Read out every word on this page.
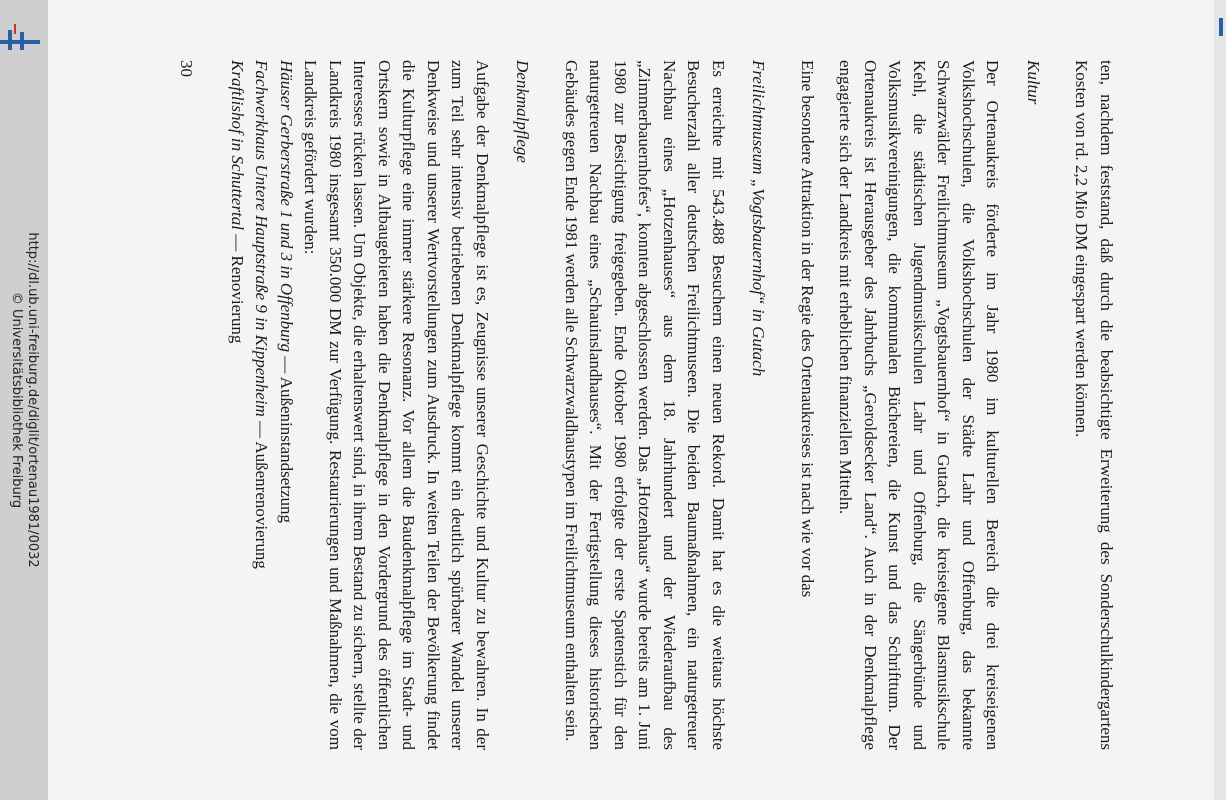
http://dl.ub.uni-freiburg.de/diglit/ortenau1981/0032
© Universitätsbibliothek Freiburg	ten, nachdem feststand, daß durch die beabsichtigte Erweiterung des Sonderschulkindergartens Kosten von rd. 2,2 Mio DM eingespart werden können.

Kultur

Der Ortenaukreis förderte im Jahr 1980 im kulturellen Bereich die drei kreiseigenen Volkshochschulen, die Volkshochschulen der Städte Lahr und Offenburg, das bekannte Schwarzwälder Freilichtmuseum „Vogtsbauernhof“ in Gutach, die kreiseigene Blasmusikschule Kehl, die städtischen Jugendmusikschulen Lahr und Offenburg, die Sängerbünde und Volksmusikvereinigungen, die kommunalen Büchereien, die Kunst und das Schrifttum. Der Ortenaukreis ist Herausgeber des Jahrbuchs „Geroldsecker Land“. Auch in der Denkmalpflege engagierte sich der Landkreis mit erheblichen finanziellen Mitteln.

Eine besondere Attraktion in der Regie des Ortenaukreises ist nach wie vor das

Freilichtmuseum „Vogtsbauernhof“ in Gutach

Es erreichte mit 543.488 Besuchern einen neuen Rekord. Damit hat es die weitaus höchste Besucherzahl aller deutschen Freilichtmuseen. Die beiden Baumaßnahmen, ein naturgetreuer Nachbau eines „Hotzenhauses“ aus dem 18. Jahrhundert und der Wiederaufbau des „Zimmerbauernhofes“, konnten abgeschlossen werden. Das „Hotzenhaus“ wurde bereits am 1. Juni 1980 zur Besichtigung freigegeben. Ende Oktober 1980 erfolgte der erste Spatenstich für den naturgetreuen Nachbau eines „Schauinslandhauses“. Mit der Fertigstellung dieses historischen Gebäudes gegen Ende 1981 werden alle Schwarzwaldhaustypen im Freilichtmuseum enthalten sein.

Denkmalpflege

Aufgabe der Denkmalpflege ist es, Zeugnisse unserer Geschichte und Kultur zu bewahren. In der zum Teil sehr intensiv betriebenen Denkmalpflege kommt ein deutlich spürbarer Wandel unserer Denkweise und unserer Wertvorstellungen zum Ausdruck. In weiten Teilen der Bevölkerung findet die Kulturpflege eine immer stärkere Resonanz. Vor allem die Baudenkmalpflege im Stadt- und Ortskern sowie in Altbaugebieten haben die Denkmalpflege in den Vordergrund des öffentlichen Interesses rücken lassen. Um Objekte, die erhaltenswert sind, in ihrem Bestand zu sichern, stellte der Landkreis 1980 insgesamt 350.000 DM zur Verfügung. Restaurierungen und Maßnahmen, die vom Landkreis gefördert wurden:

Häuser Gerberstraße 1 und 3 in Offenburg — Außeninstandsetzung

Fachwerkhaus Untere Hauptstraße 9 in Kippenheim — Außenrenovierung

Kraftlishof in Schuttertal — Renovierung

30
